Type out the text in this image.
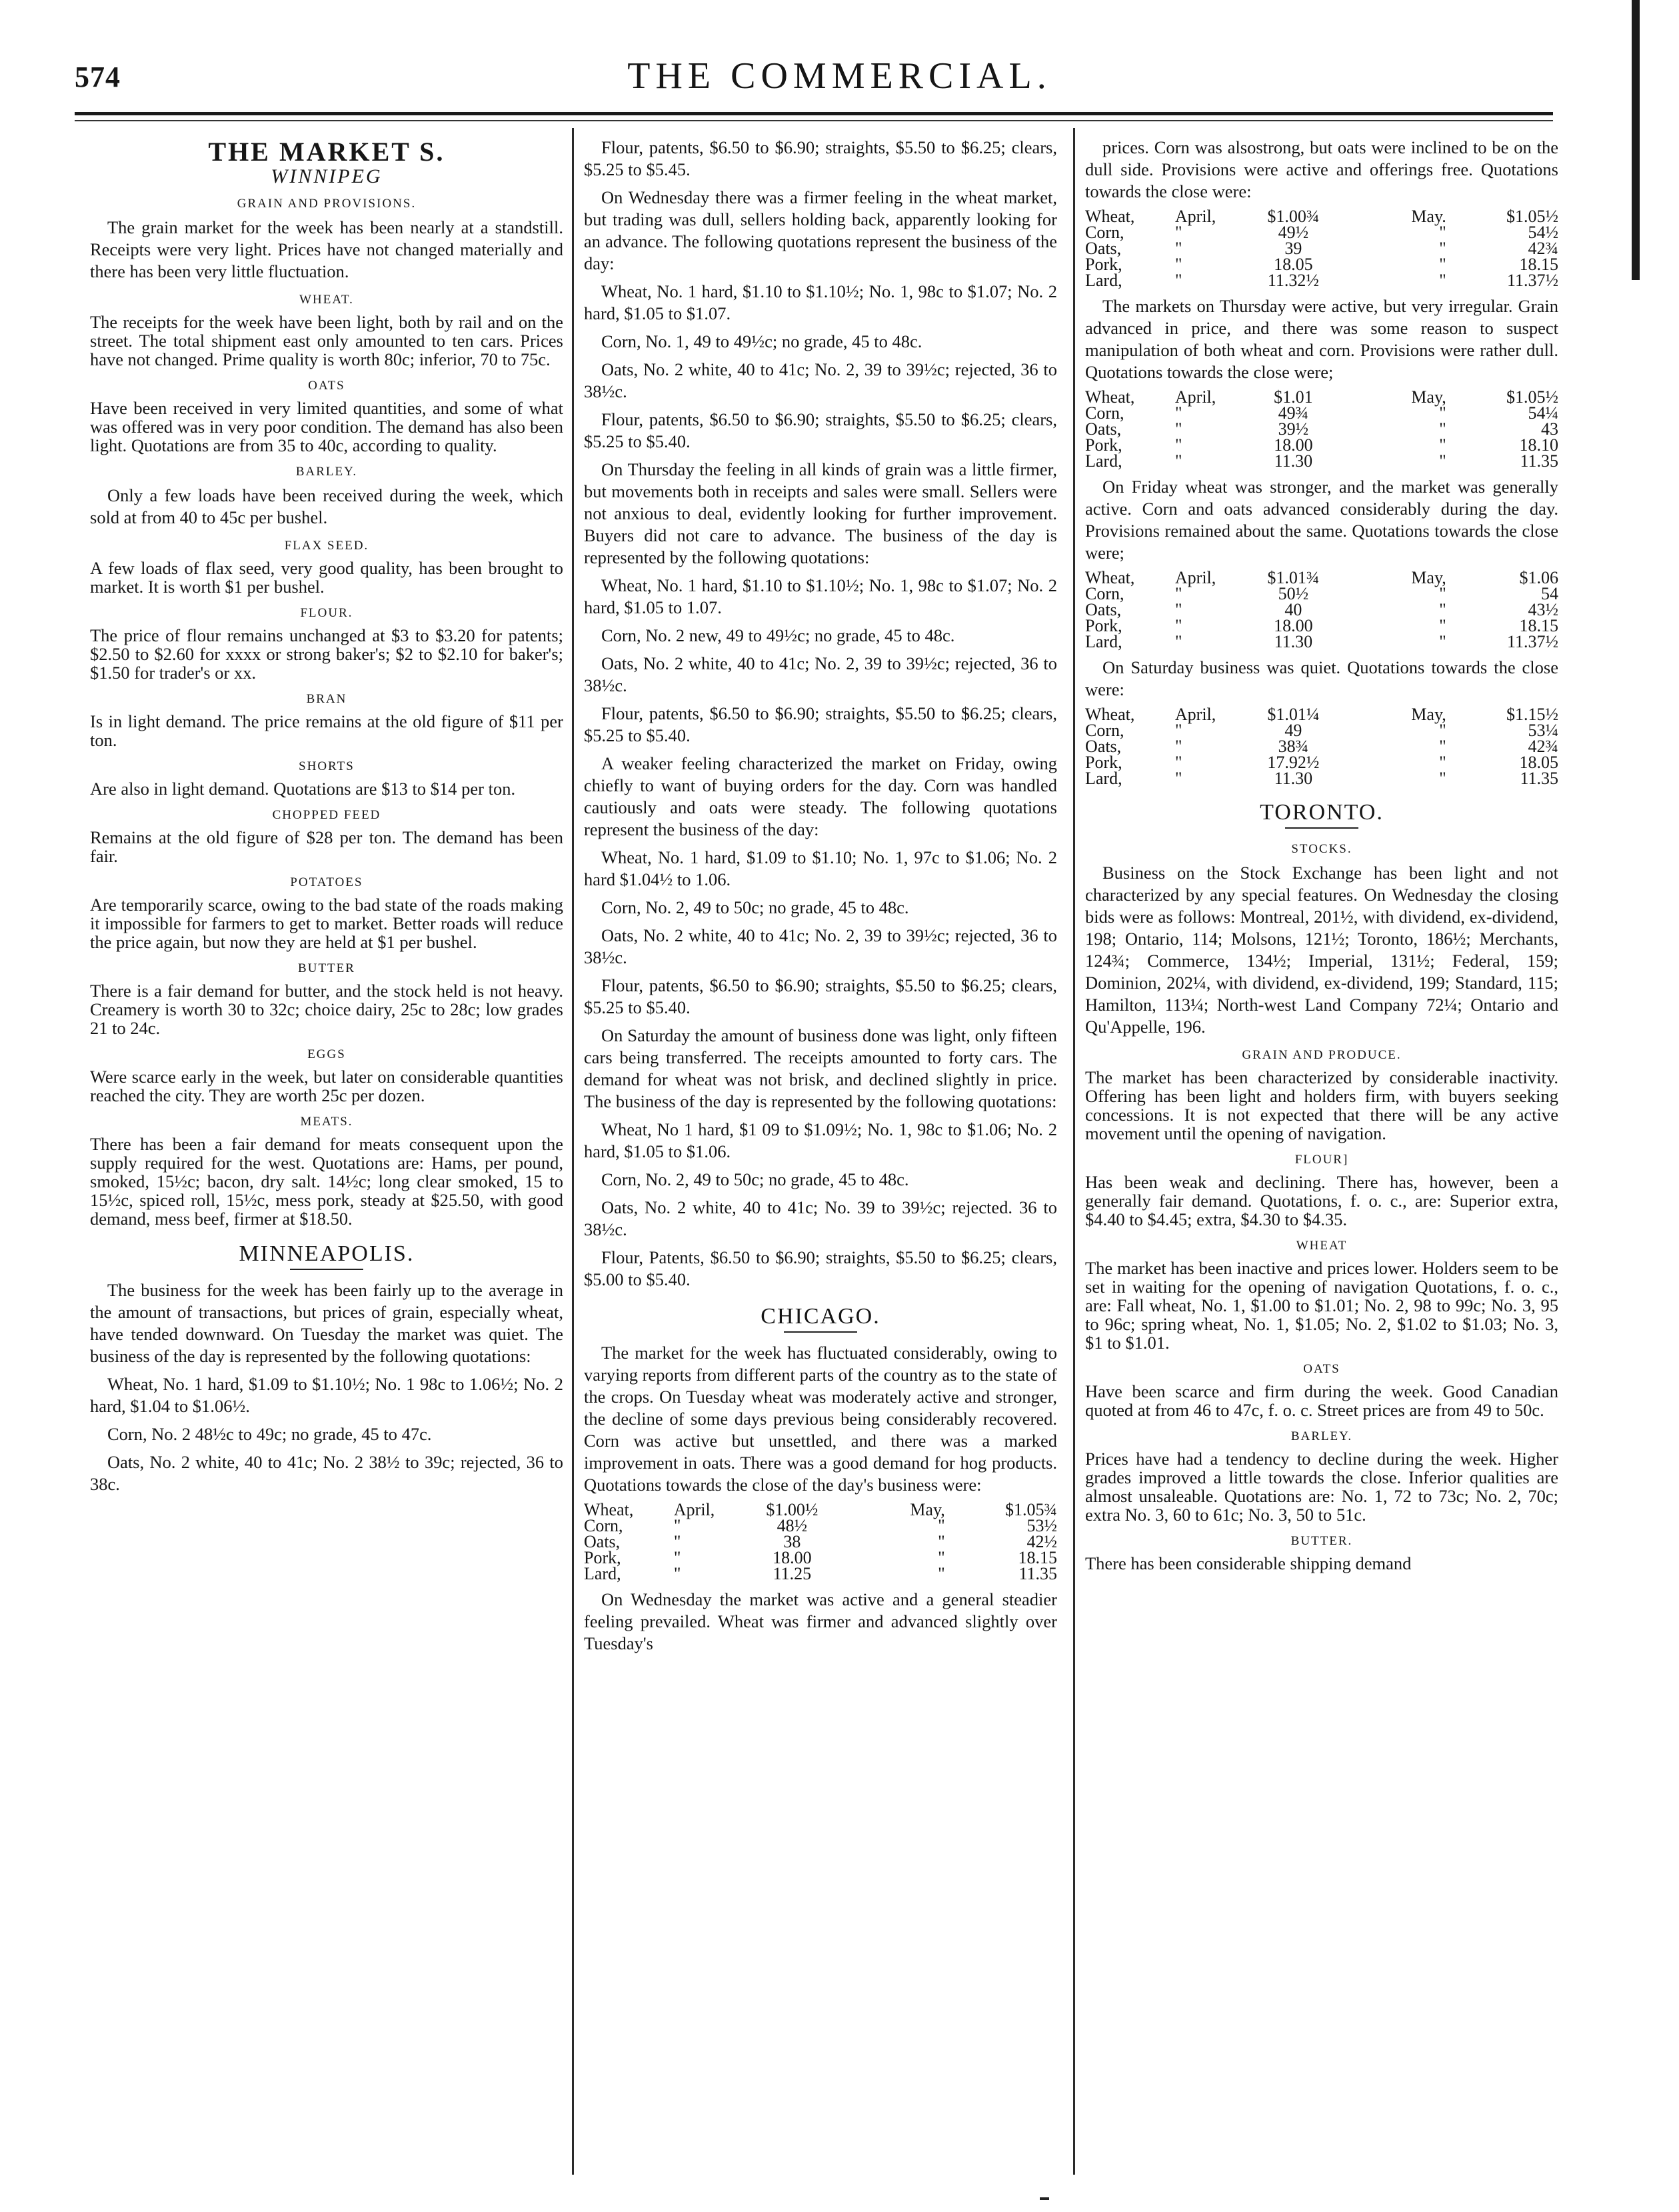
574	THE COMMERCIAL.
THE MARKET S.
WINNIPEG
GRAIN AND PROVISIONS.

The grain market for the week has been nearly at a standstill. Receipts were very light. Prices have not changed materially and there has been very little fluctuation.

WHEAT.

The receipts for the week have been light, both by rail and on the street. The total shipment east only amounted to ten cars. Prices have not changed. Prime quality is worth 80c; inferior, 70 to 75c.

OATS

Have been received in very limited quantities, and some of what was offered was in very poor condition. The demand has also been light. Quotations are from 35 to 40c, according to quality.

BARLEY.

Only a few loads have been received during the week, which sold at from 40 to 45c per bushel.

FLAX SEED.

A few loads of flax seed, very good quality, has been brought to market. It is worth $1 per bushel.

FLOUR.

The price of flour remains unchanged at $3 to $3.20 for patents; $2.50 to $2.60 for xxxx or strong baker's; $2 to $2.10 for baker's; $1.50 for trader's or xx.

BRAN

Is in light demand. The price remains at the old figure of $11 per ton.

SHORTS

Are also in light demand. Quotations are $13 to $14 per ton.

CHOPPED FEED

Remains at the old figure of $28 per ton. The demand has been fair.

POTATOES

Are temporarily scarce, owing to the bad state of the roads making it impossible for farmers to get to market. Better roads will reduce the price again, but now they are held at $1 per bushel.

BUTTER

There is a fair demand for butter, and the stock held is not heavy. Creamery is worth 30 to 32c; choice dairy, 25c to 28c; low grades 21 to 24c.

EGGS

Were scarce early in the week, but later on considerable quantities reached the city. They are worth 25c per dozen.

MEATS.

There has been a fair demand for meats consequent upon the supply required for the west. Quotations are: Hams, per pound, smoked, 15½c; bacon, dry salt. 14½c; long clear smoked, 15 to 15½c, spiced roll, 15½c, mess pork, steady at $25.50, with good demand, mess beef, firmer at $18.50.

MINNEAPOLIS.

The business for the week has been fairly up to the average in the amount of transactions, but prices of grain, especially wheat, have tended downward. On Tuesday the market was quiet. The business of the day is represented by the following quotations:

Wheat, No. 1 hard, $1.09 to $1.10½; No. 1 98c to 1.06½; No. 2 hard, $1.04 to $1.06½.

Corn, No. 2 48½c to 49c; no grade, 45 to 47c.

Oats, No. 2 white, 40 to 41c; No. 2 38½ to 39c; rejected, 36 to 38c.

Flour, patents, $6.50 to $6.90; straights, $5.50 to $6.25; clears, $5.25 to $5.45.

On Wednesday there was a firmer feeling in the wheat market, but trading was dull, sellers holding back, apparently looking for an advance. The following quotations represent the business of the day:

Wheat, No. 1 hard, $1.10 to $1.10½; No. 1, 98c to $1.07; No. 2 hard, $1.05 to $1.07.

Corn, No. 1, 49 to 49½c; no grade, 45 to 48c.

Oats, No. 2 white, 40 to 41c; No. 2, 39 to 39½c; rejected, 36 to 38½c.

Flour, patents, $6.50 to $6.90; straights, $5.50 to $6.25; clears, $5.25 to $5.40.

On Thursday the feeling in all kinds of grain was a little firmer, but movements both in receipts and sales were small. Sellers were not anxious to deal, evidently looking for further improvement. Buyers did not care to advance. The business of the day is represented by the following quotations:

Wheat, No. 1 hard, $1.10 to $1.10½; No. 1, 98c to $1.07; No. 2 hard, $1.05 to 1.07.

Corn, No. 2 new, 49 to 49½c; no grade, 45 to 48c.

Oats, No. 2 white, 40 to 41c; No. 2, 39 to 39½c; rejected, 36 to 38½c.

Flour, patents, $6.50 to $6.90; straights, $5.50 to $6.25; clears, $5.25 to $5.40.

A weaker feeling characterized the market on Friday, owing chiefly to want of buying orders for the day. Corn was handled cautiously and oats were steady. The following quotations represent the business of the day:

Wheat, No. 1 hard, $1.09 to $1.10; No. 1, 97c to $1.06; No. 2 hard $1.04½ to 1.06.

Corn, No. 2, 49 to 50c; no grade, 45 to 48c.

Oats, No. 2 white, 40 to 41c; No. 2, 39 to 39½c; rejected, 36 to 38½c.

Flour, patents, $6.50 to $6.90; straights, $5.50 to $6.25; clears, $5.25 to $5.40.

On Saturday the amount of business done was light, only fifteen cars being transferred. The receipts amounted to forty cars. The demand for wheat was not brisk, and declined slightly in price. The business of the day is represented by the following quotations:

Wheat, No 1 hard, $1 09 to $1.09½; No. 1, 98c to $1.06; No. 2 hard, $1.05 to $1.06.

Corn, No. 2, 49 to 50c; no grade, 45 to 48c.

Oats, No. 2 white, 40 to 41c; No. 39 to 39½c; rejected. 36 to 38½c.

Flour, Patents, $6.50 to $6.90; straights, $5.50 to $6.25; clears, $5.00 to $5.40.

CHICAGO.

The market for the week has fluctuated considerably, owing to varying reports from different parts of the country as to the state of the crops. On Tuesday wheat was moderately active and stronger, the decline of some days previous being considerably recovered. Corn was active but unsettled, and there was a marked improvement in oats. There was a good demand for hog products. Quotations towards the close of the day's business were:

Wheat,	April,	$1.00½	May,	$1.05¾
Corn,	"	48½	"	53½
Oats,	"	38	"	42½
Pork,	"	18.00	"	18.15
Lard,	"	11.25	"	11.35

On Wednesday the market was active and a general steadier feeling prevailed. Wheat was firmer and advanced slightly over Tuesday's

prices. Corn was alsostrong, but oats were inclined to be on the dull side. Provisions were active and offerings free. Quotations towards the close were:

Wheat,	April,	$1.00¾	May.	$1.05½
Corn,	"	49½	"	54½
Oats,	"	39	"	42¾
Pork,	"	18.05	"	18.15
Lard,	"	11.32½	"	11.37½

The markets on Thursday were active, but very irregular. Grain advanced in price, and there was some reason to suspect manipulation of both wheat and corn. Provisions were rather dull. Quotations towards the close were;

Wheat,	April,	$1.01	May,	$1.05½
Corn,	"	49¾	"	54¼
Oats,	"	39½	"	43
Pork,	"	18.00	"	18.10
Lard,	"	11.30	"	11.35

On Friday wheat was stronger, and the market was generally active. Corn and oats advanced considerably during the day. Provisions remained about the same. Quotations towards the close were;

Wheat,	April,	$1.01¾	May,	$1.06
Corn,	"	50½	"	54
Oats,	"	40	"	43½
Pork,	"	18.00	"	18.15
Lard,	"	11.30	"	11.37½

On Saturday business was quiet. Quotations towards the close were:

Wheat,	April,	$1.01¼	May,	$1.15½
Corn,	"	49	"	53¼
Oats,	"	38¾	"	42¾
Pork,	"	17.92½	"	18.05
Lard,	"	11.30	"	11.35
TORONTO.
STOCKS.

Business on the Stock Exchange has been light and not characterized by any special features. On Wednesday the closing bids were as follows: Montreal, 201½, with dividend, ex-dividend, 198; Ontario, 114; Molsons, 121½; Toronto, 186½; Merchants, 124¾; Commerce, 134½; Imperial, 131½; Federal, 159; Dominion, 202¼, with dividend, ex-dividend, 199; Standard, 115; Hamilton, 113¼; North-west Land Company 72¼; Ontario and Qu'Appelle, 196.

GRAIN AND PRODUCE.

The market has been characterized by considerable inactivity. Offering has been light and holders firm, with buyers seeking concessions. It is not expected that there will be any active movement until the opening of navigation.

FLOUR]

Has been weak and declining. There has, however, been a generally fair demand. Quotations, f. o. c., are: Superior extra, $4.40 to $4.45; extra, $4.30 to $4.35.

WHEAT

The market has been inactive and prices lower. Holders seem to be set in waiting for the opening of navigation Quotations, f. o. c., are: Fall wheat, No. 1, $1.00 to $1.01; No. 2, 98 to 99c; No. 3, 95 to 96c; spring wheat, No. 1, $1.05; No. 2, $1.02 to $1.03; No. 3, $1 to $1.01.

OATS

Have been scarce and firm during the week. Good Canadian quoted at from 46 to 47c, f. o. c. Street prices are from 49 to 50c.

BARLEY.

Prices have had a tendency to decline during the week. Higher grades improved a little towards the close. Inferior qualities are almost unsaleable. Quotations are: No. 1, 72 to 73c; No. 2, 70c; extra No. 3, 60 to 61c; No. 3, 50 to 51c.

BUTTER.

There has been considerable shipping demand
